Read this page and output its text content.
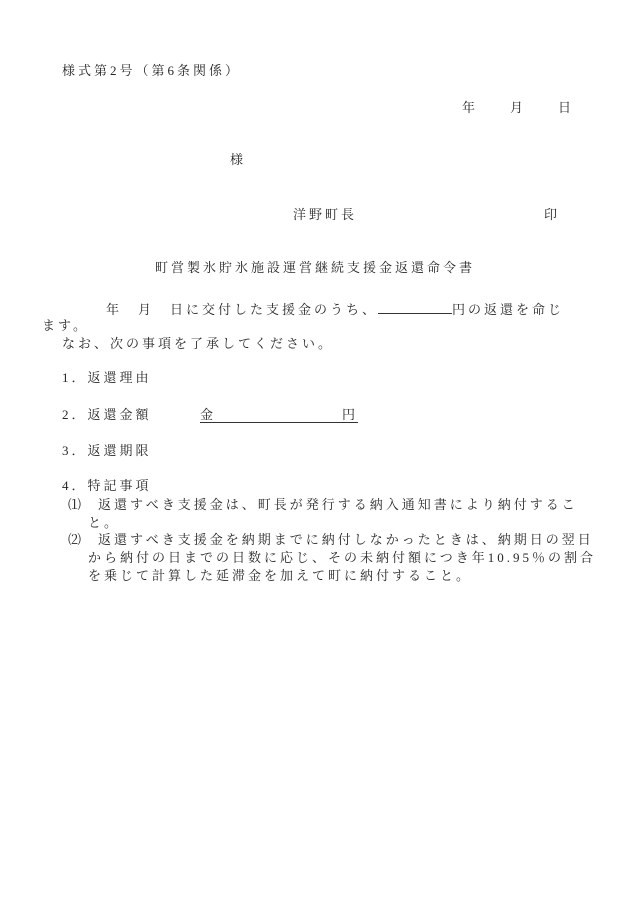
様式第2号（第6条関係）
年　　月　　日
様
洋野町長	印
町営製氷貯氷施設運営継続支援金返還命令書
　　　　年　月　日に交付した支援金のうち、	円の返還を命じ
ます。
なお、次の事項を了承してください。
1．返還理由
2．返還金額	金	円
3．返還期限
4．特記事項
⑴ 返還すべき支援金は、町長が発行する納入通知書により納付するこ
と。
⑵ 返還すべき支援金を納期までに納付しなかったときは、納期日の翌日
から納付の日までの日数に応じ、その未納付額につき年10.95％の割合
を乗じて計算した延滞金を加えて町に納付すること。
